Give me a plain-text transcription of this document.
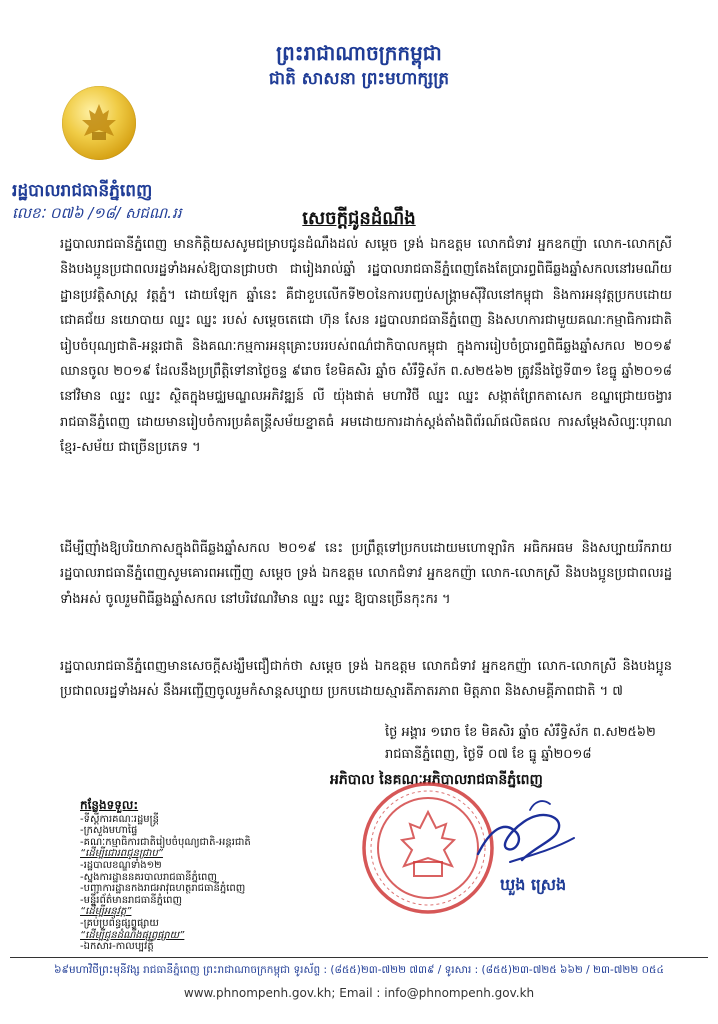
ព្រះរាជាណាចក្រកម្ពុជា
ជាតិ សាសនា ព្រះមហាក្សត្រ
រដ្ឋបាលរាជធានីភ្នំពេញ
លេខៈ ០៧៦ /១៨/ សជណ.ររ	សេចក្តីជូនដំណឹង
រដ្ឋបាលរាជធានីភ្នំពេញ មានកិត្តិយសសូមជម្រាបជូនដំណឹងដល់ សម្តេច ទ្រង់ ឯកឧត្តម លោកជំទាវ អ្នកឧកញ៉ា លោក-លោកស្រី និងបងប្អូនប្រជាពលរដ្ឋទាំងអស់ឱ្យបានជ្រាបថា ជារៀងរាល់ឆ្នាំ រដ្ឋបាលរាជធានីភ្នំពេញតែងតែប្រារព្ធពិធីឆ្លងឆ្នាំសកលនៅរមណីយដ្ឋានប្រវត្តិសាស្ត្រ វត្តភ្នំ។ ដោយឡែក ឆ្នាំនេះ គឺជាខួបលើកទី២០នៃការបញ្ចប់សង្គ្រាមស៊ីវិលនៅកម្ពុជា និងការអនុវត្តប្រកបដោយជោគជ័យ នយោបាយ ឈ្នះ ឈ្នះ របស់ សម្តេចតេជោ ហ៊ុន សែន រដ្ឋបាលរាជធានីភ្នំពេញ និងសហការជាមួយគណៈកម្មាធិការជាតិរៀបចំបុណ្យជាតិ-អន្តរជាតិ និងគណៈកម្មការអនុគ្រោះបររបស់ពណ៌ជាកិបាលកម្ពុជា ក្នុងការរៀបចំប្រារព្ធពិធីឆ្លងឆ្នាំសកល ២០១៩ ឈានចូល ២០១៩ ដែលនឹងប្រព្រឹត្តិទៅនាថ្ងៃចន្ទ ៩រោច ខែមិគសិរ ឆ្នាំច សំរឹទ្ធិស័ក ព.ស២៥៦២ ត្រូវនឹងថ្ងៃទី៣១ ខែធ្នូ ឆ្នាំ២០១៨ នៅវិមាន ឈ្នះ ឈ្នះ ស្ថិតក្នុងមជ្ឈមណ្ឌលអភិវឌ្ឍន៍ លី យ៉ុងផាត់ មហាវិថី ឈ្នះ ឈ្នះ សង្កាត់ព្រែកតាសេក ខណ្ឌជ្រោយចង្វារ រាជធានីភ្នំពេញ ដោយមានរៀបចំការប្រគំតន្ត្រីសម័យខ្នាតធំ អមដោយការដាក់ស្តង់តាំងពិព័រណ៍ផលិតផល ការសម្តែងសិល្បៈបុរាណខ្មែរ-សម័យ ជាច្រើនប្រភេទ ។
ដើម្បីញ៉ាំងឱ្យបរិយាកាសក្នុងពិធីឆ្លងឆ្នាំសកល ២០១៩ នេះ ប្រព្រឹត្តទៅប្រកបដោយមហោឡារិក អធិកអធម និងសប្បាយរីករាយ រដ្ឋបាលរាជធានីភ្នំពេញសូមគោរពអញ្ជើញ សម្តេច ទ្រង់ ឯកឧត្តម លោកជំទាវ អ្នកឧកញ៉ា លោក-លោកស្រី និងបងប្អូនប្រជាពលរដ្ឋទាំងអស់ ចូលរួមពិធីឆ្លងឆ្នាំសកល នៅបរិវេណវិមាន ឈ្នះ ឈ្នះ ឱ្យបានច្រើនកុះករ ។
រដ្ឋបាលរាជធានីភ្នំពេញមានសេចក្តីសង្ឃឹមជឿជាក់ថា សម្តេច ទ្រង់ ឯកឧត្តម លោកជំទាវ អ្នកឧកញ៉ា លោក-លោកស្រី និងបងប្អូនប្រជាពលរដ្ឋទាំងអស់ នឹងអញ្ជើញចូលរួមកំសាន្តសប្បាយ ប្រកបដោយស្មារតីភាតរភាព មិត្តភាព និងសាមគ្គីភាពជាតិ ។ ៧
ថ្ងៃ អង្គារ ១រោច ខែ មិគសិរ ឆ្នាំច សំរឹទ្ធិស័ក ព.ស២៥៦២
រាជធានីភ្នំពេញ, ថ្ងៃទី ០៧ ខែ ធ្នូ ឆ្នាំ២០១៨
អភិបាល នៃគណៈអភិបាលរាជធានីភ្នំពេញ
កន្លែងទទួល:
-ទីស្តីការគណៈរដ្ឋមន្ត្រី
-ក្រសួងមហាផ្ទៃ
-គណៈកម្មាធិការជាតិរៀបចំបុណ្យជាតិ-អន្តរជាតិ
“ដើម្បីជោរពជូនជ្រាប”
-រដ្ឋបាលខណ្ឌទាំង១២
-ស្នងការដ្ឋាននគរបាលរាជធានីភ្នំពេញ
-បញ្ជាការដ្ឋានកងរាជអាវុធហត្ថរាជធានីភ្នំពេញ
-មន្ទីរព័ត៌មានរាជធានីភ្នំពេញ
“ដើម្បីអនុវត្ត”
-គ្រប់ប្រព័ន្ធផ្សព្វផ្សាយ
“ដើម្បីជូនដំណឹងផ្សព្វផ្សាយ”
-ឯកសារ-កាលប្បវត្តិ
ឃួង ស្រេង
៦៩មហាវិថីព្រះមុនីវង្ស រាជធានីភ្នំពេញ ព្រះរាជាណាចក្រកម្ពុជា ទូរស័ព្ទ : (៨៥៥)២៣-៧២២ ៧៣៩ / ទូរសារ : (៨៥៥)២៣-៧២៥ ៦៦២ / ២៣-៧២២ ០៥៤
www.phnompenh.gov.kh; Email : info@phnompenh.gov.kh
